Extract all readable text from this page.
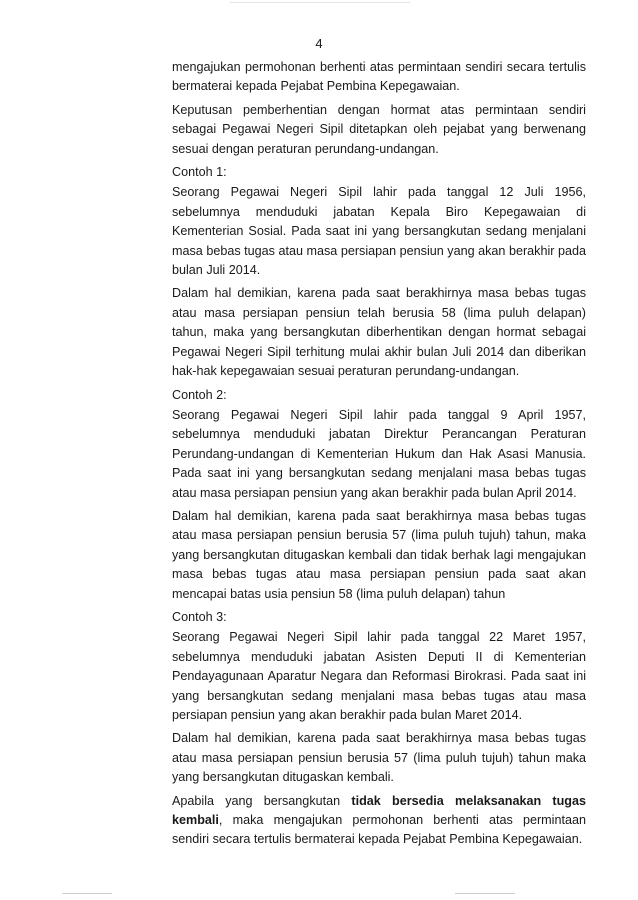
4

mengajukan permohonan berhenti atas permintaan sendiri secara tertulis bermaterai kepada Pejabat Pembina Kepegawaian.

Keputusan pemberhentian dengan hormat atas permintaan sendiri sebagai Pegawai Negeri Sipil ditetapkan oleh pejabat yang berwenang sesuai dengan peraturan perundang-undangan.

Contoh 1:

Seorang Pegawai Negeri Sipil lahir pada tanggal 12 Juli 1956, sebelumnya menduduki jabatan Kepala Biro Kepegawaian di Kementerian Sosial. Pada saat ini yang bersangkutan sedang menjalani masa bebas tugas atau masa persiapan pensiun yang akan berakhir pada bulan Juli 2014.

Dalam hal demikian, karena pada saat berakhirnya masa bebas tugas atau masa persiapan pensiun telah berusia 58 (lima puluh delapan) tahun, maka yang bersangkutan diberhentikan dengan hormat sebagai Pegawai Negeri Sipil terhitung mulai akhir bulan Juli 2014 dan diberikan hak-hak kepegawaian sesuai peraturan perundang-undangan.

Contoh 2:

Seorang Pegawai Negeri Sipil lahir pada tanggal 9 April 1957, sebelumnya menduduki jabatan Direktur Perancangan Peraturan Perundang-undangan di Kementerian Hukum dan Hak Asasi Manusia. Pada saat ini yang bersangkutan sedang menjalani masa bebas tugas atau masa persiapan pensiun yang akan berakhir pada bulan April 2014.

Dalam hal demikian, karena pada saat berakhirnya masa bebas tugas atau masa persiapan pensiun berusia 57 (lima puluh tujuh) tahun, maka yang bersangkutan ditugaskan kembali dan tidak berhak lagi mengajukan masa bebas tugas atau masa persiapan pensiun pada saat akan mencapai batas usia pensiun 58 (lima puluh delapan) tahun

Contoh 3:

Seorang Pegawai Negeri Sipil lahir pada tanggal 22 Maret 1957, sebelumnya menduduki jabatan Asisten Deputi II di Kementerian Pendayagunaan Aparatur Negara dan Reformasi Birokrasi. Pada saat ini yang bersangkutan sedang menjalani masa bebas tugas atau masa persiapan pensiun yang akan berakhir pada bulan Maret 2014.

Dalam hal demikian, karena pada saat berakhirnya masa bebas tugas atau masa persiapan pensiun berusia 57 (lima puluh tujuh) tahun maka yang bersangkutan ditugaskan kembali.

Apabila yang bersangkutan tidak bersedia melaksanakan tugas kembali, maka mengajukan permohonan berhenti atas permintaan sendiri secara tertulis bermaterai kepada Pejabat Pembina Kepegawaian.
